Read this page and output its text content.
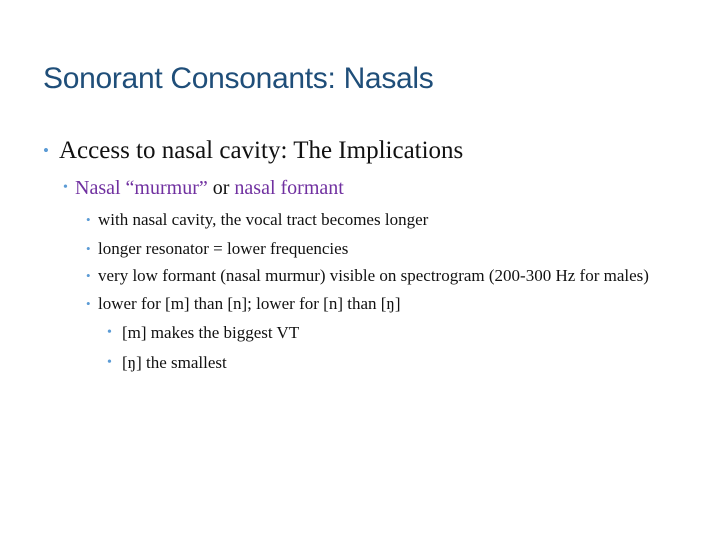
Sonorant Consonants: Nasals
• Access to nasal cavity: The Implications
• Nasal “murmur” or nasal formant
• with nasal cavity, the vocal tract becomes longer
• longer resonator = lower frequencies
• very low formant (nasal murmur) visible on spectrogram (200-300 Hz for males)
• lower for [m] than [n]; lower for [n] than [ŋ]
• [m] makes the biggest VT
• [ŋ] the smallest
